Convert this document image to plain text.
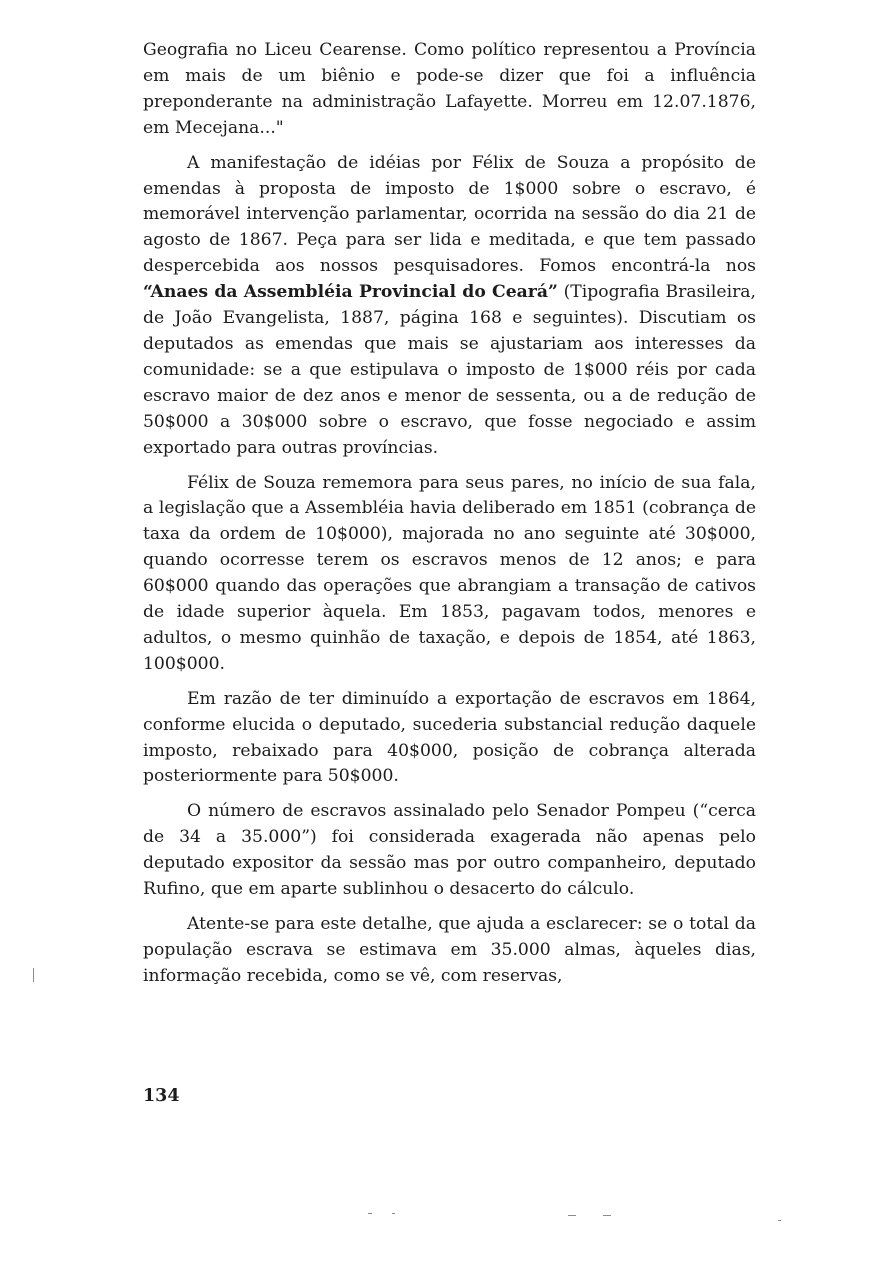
Geografia no Liceu Cearense. Como político representou a Província em mais de um biênio e pode-se dizer que foi a influência preponderante na administração Lafayette. Morreu em 12.07.1876, em Mecejana..."

A manifestação de idéias por Félix de Souza a propósito de emendas à proposta de imposto de 1$000 sobre o escravo, é memorável intervenção parlamentar, ocorrida na sessão do dia 21 de agosto de 1867. Peça para ser lida e meditada, e que tem passado despercebida aos nossos pesquisadores. Fomos encontrá-la nos “Anaes da Assembléia Provincial do Ceará” (Tipografia Brasileira, de João Evangelista, 1887, página 168 e seguintes). Discutiam os deputados as emendas que mais se ajustariam aos interesses da comunidade: se a que estipulava o imposto de 1$000 réis por cada escravo maior de dez anos e menor de sessenta, ou a de redução de 50$000 a 30$000 sobre o escravo, que fosse negociado e assim exportado para outras províncias.

Félix de Souza rememora para seus pares, no início de sua fala, a legislação que a Assembléia havia deliberado em 1851 (cobrança de taxa da ordem de 10$000), majorada no ano seguinte até 30$000, quando ocorresse terem os escravos menos de 12 anos; e para 60$000 quando das operações que abrangiam a transação de cativos de idade superior àquela. Em 1853, pagavam todos, menores e adultos, o mesmo quinhão de taxação, e depois de 1854, até 1863, 100$000.

Em razão de ter diminuído a exportação de escravos em 1864, conforme elucida o deputado, sucederia substancial redução daquele imposto, rebaixado para 40$000, posição de cobrança alterada posteriormente para 50$000.

O número de escravos assinalado pelo Senador Pompeu (“cerca de 34 a 35.000”) foi considerada exagerada não apenas pelo deputado expositor da sessão mas por outro companheiro, deputado Rufino, que em aparte sublinhou o desacerto do cálculo.

Atente-se para este detalhe, que ajuda a esclarecer: se o total da população escrava se estimava em 35.000 almas, àqueles dias, informação recebida, como se vê, com reservas,

134
